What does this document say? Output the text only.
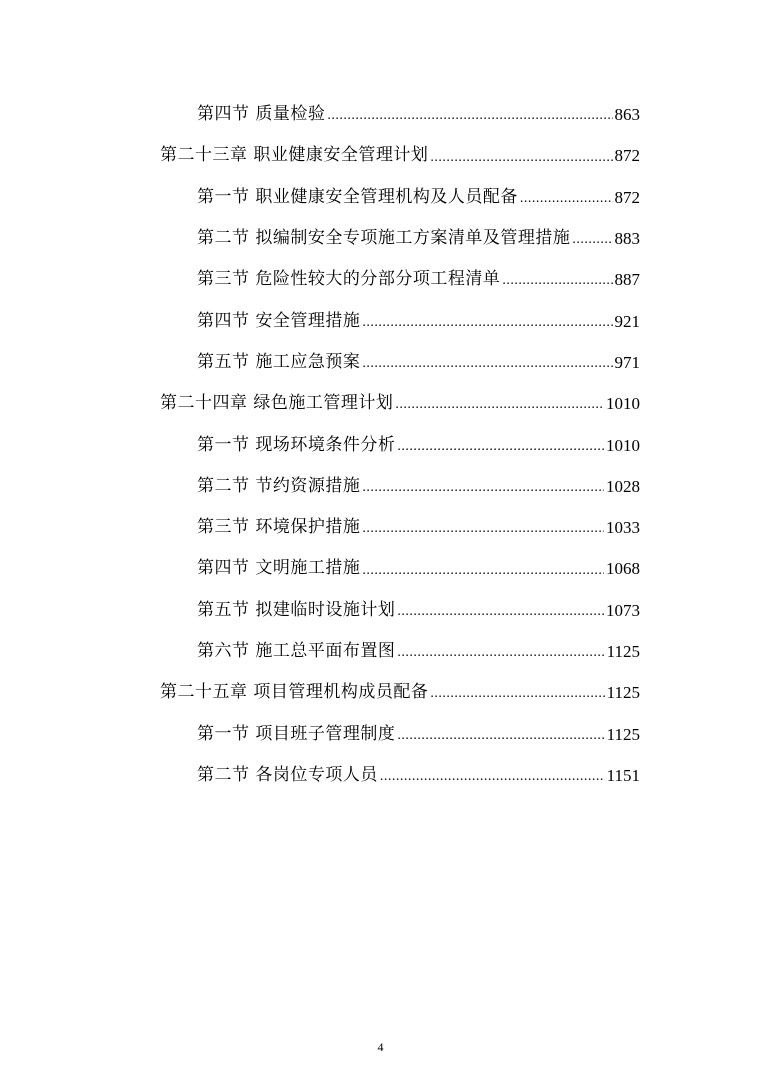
第四节 质量检验 .....	863
第二十三章 职业健康安全管理计划 .....	872
第一节 职业健康安全管理机构及人员配备 .....	872
第二节 拟编制安全专项施工方案清单及管理措施 .....	883
第三节 危险性较大的分部分项工程清单 .....	887
第四节 安全管理措施 .....	921
第五节 施工应急预案 .....	971
第二十四章 绿色施工管理计划 .....	1010
第一节 现场环境条件分析 .....	1010
第二节 节约资源措施 .....	1028
第三节 环境保护措施 .....	1033
第四节 文明施工措施 .....	1068
第五节 拟建临时设施计划 .....	1073
第六节 施工总平面布置图 .....	1125
第二十五章 项目管理机构成员配备 .....	1125
第一节 项目班子管理制度 .....	1125
第二节 各岗位专项人员 .....	1151
4
